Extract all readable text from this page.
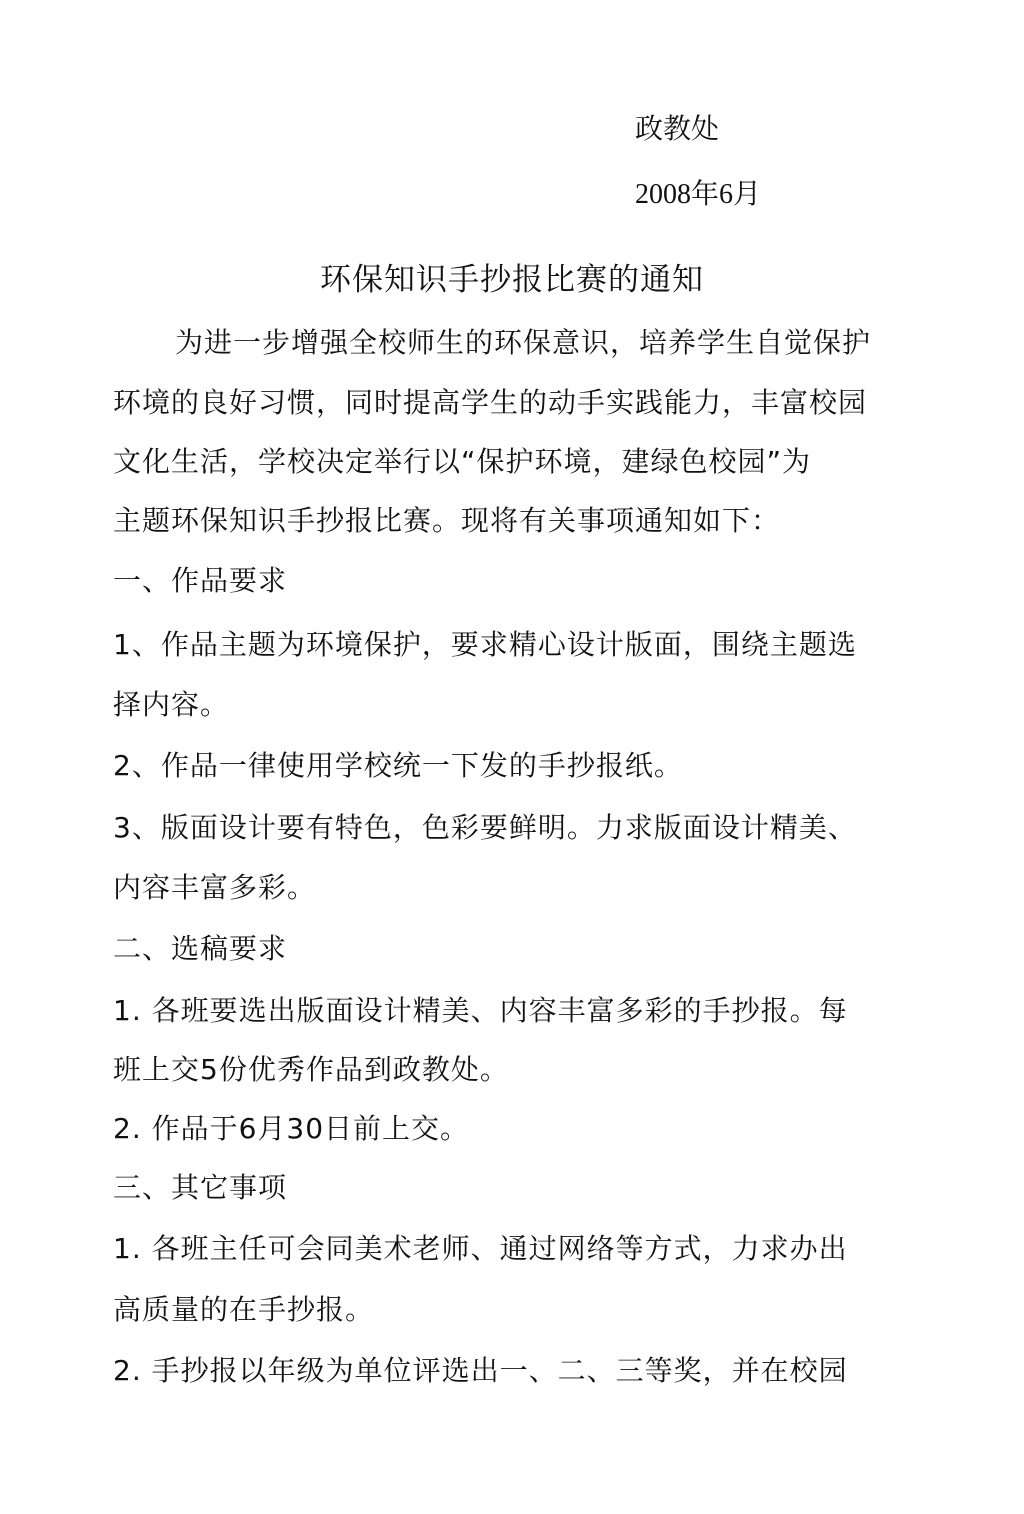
政教处
2008年6月
环保知识手抄报比赛的通知
为进一步增强全校师生的环保意识，培养学生自觉保护
环境的良好习惯，同时提高学生的动手实践能力，丰富校园
文化生活，学校决定举行以“保护环境，建绿色校园”为
主题环保知识手抄报比赛。现将有关事项通知如下：
一、作品要求
1、作品主题为环境保护，要求精心设计版面，围绕主题选
择内容。
2、作品一律使用学校统一下发的手抄报纸。
3、版面设计要有特色，色彩要鲜明。力求版面设计精美、
内容丰富多彩。
二、选稿要求
1. 各班要选出版面设计精美、内容丰富多彩的手抄报。每
班上交5份优秀作品到政教处。
2. 作品于6月30日前上交。
三、其它事项
1. 各班主任可会同美术老师、通过网络等方式，力求办出
高质量的在手抄报。
2. 手抄报以年级为单位评选出一、二、三等奖，并在校园
